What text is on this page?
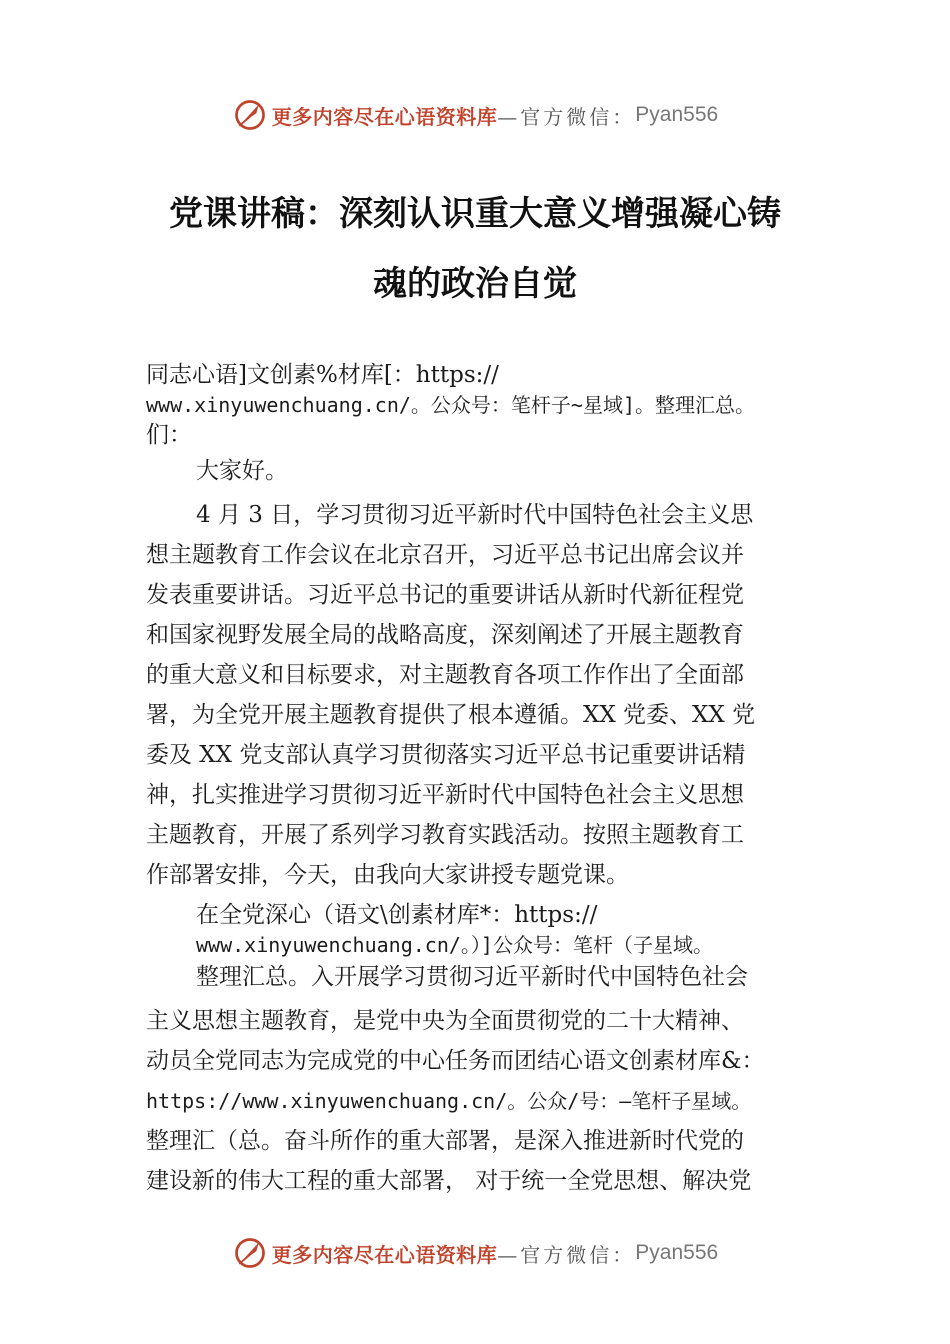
更多内容尽在心语资料库 —官方微信： Pyan556
党课讲稿：深刻认识重大意义增强凝心铸
魂的政治自觉
同志心语]文创素%材库[：https://
www.xinyuwenchuang.cn/。公众号：笔杆子~星域]。整理汇总。
们：
大家好。
4 月 3 日，学习贯彻习近平新时代中国特色社会主义思
想主题教育工作会议在北京召开，习近平总书记出席会议并
发表重要讲话。习近平总书记的重要讲话从新时代新征程党
和国家视野发展全局的战略高度，深刻阐述了开展主题教育
的重大意义和目标要求，对主题教育各项工作作出了全面部
署，为全党开展主题教育提供了根本遵循。XX 党委、XX 党
委及 XX 党支部认真学习贯彻落实习近平总书记重要讲话精
神，扎实推进学习贯彻习近平新时代中国特色社会主义思想
主题教育，开展了系列学习教育实践活动。按照主题教育工
作部署安排，今天，由我向大家讲授专题党课。
在全党深心（语文\创素材库*：https://
www.xinyuwenchuang.cn/。）]公众号：笔杆（子星域。
整理汇总。入开展学习贯彻习近平新时代中国特色社会
主义思想主题教育，是党中央为全面贯彻党的二十大精神、
动员全党同志为完成党的中心任务而团结心语文创素材库&：
https://www.xinyuwenchuang.cn/。公众/号：—笔杆子星域。
整理汇（总。奋斗所作的重大部署，是深入推进新时代党的
建设新的伟大工程的重大部署， 对于统一全党思想、解决党
更多内容尽在心语资料库 —官方微信： Pyan556
